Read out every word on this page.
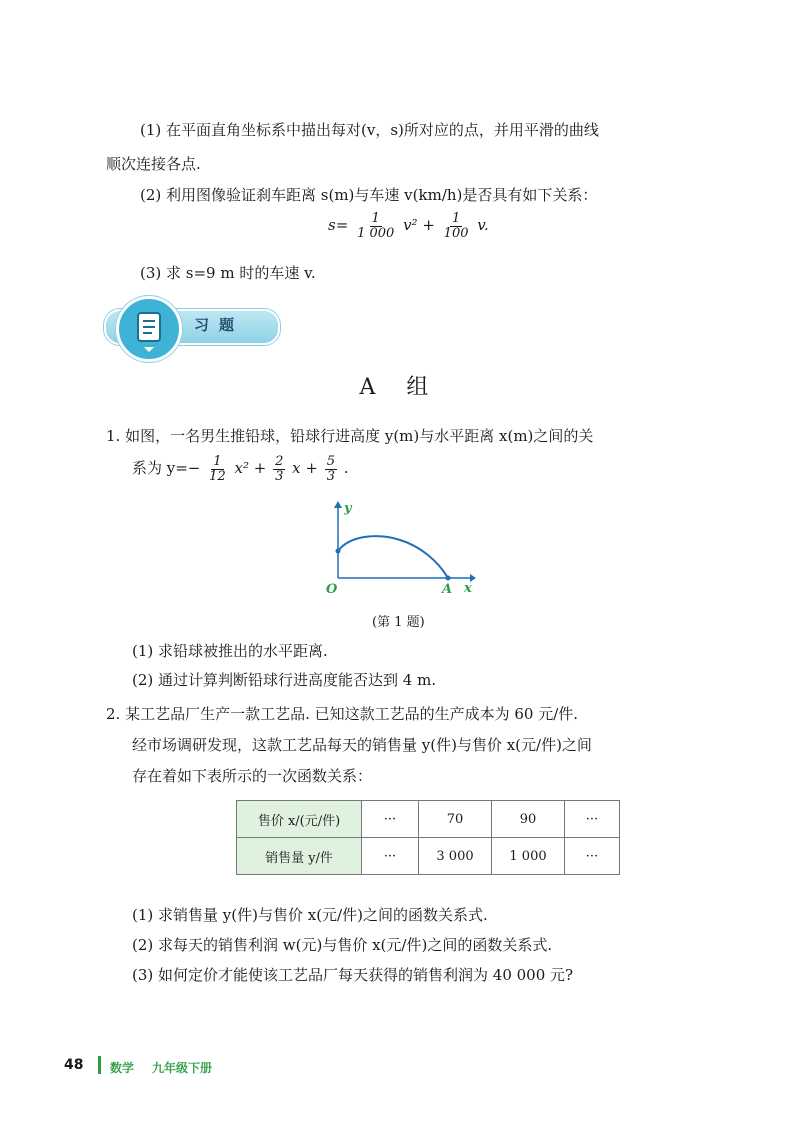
(1) 在平面直角坐标系中描出每对(v，s)所对应的点，并用平滑的曲线
顺次连接各点.
(2) 利用图像验证刹车距离 s(m)与车速 v(km/h)是否具有如下关系：
$s= \frac{1}{1 000} v^2 + \frac{1}{100} v$.
(3) 求 s=9 m 时的车速 v.
习题
A 组
1. 如图，一名男生推铅球，铅球行进高度 y(m)与水平距离 x(m)之间的关
系为 $y=- \frac{1}{12} x^2 + \frac{2}{3}$ $x + \frac{5}{3}$ .
y
x
O	A
(第 1 题)
(1) 求铅球被推出的水平距离.
(2) 通过计算判断铅球行进高度能否达到 4 m.
2. 某工艺品厂生产一款工艺品. 已知这款工艺品的生产成本为 60 元/件.
经市场调研发现，这款工艺品每天的销售量 y(件)与售价 x(元/件)之间
存在着如下表所示的一次函数关系：
售价 x/(元/件)	···	70	90	···
销售量 y/件	···	3 000	1 000	···
(1) 求销售量 y(件)与售价 x(元/件)之间的函数关系式.
(2) 求每天的销售利润 w(元)与售价 x(元/件)之间的函数关系式.
(3) 如何定价才能使该工艺品厂每天获得的销售利润为 40 000 元?
48 数学 九年级下册
